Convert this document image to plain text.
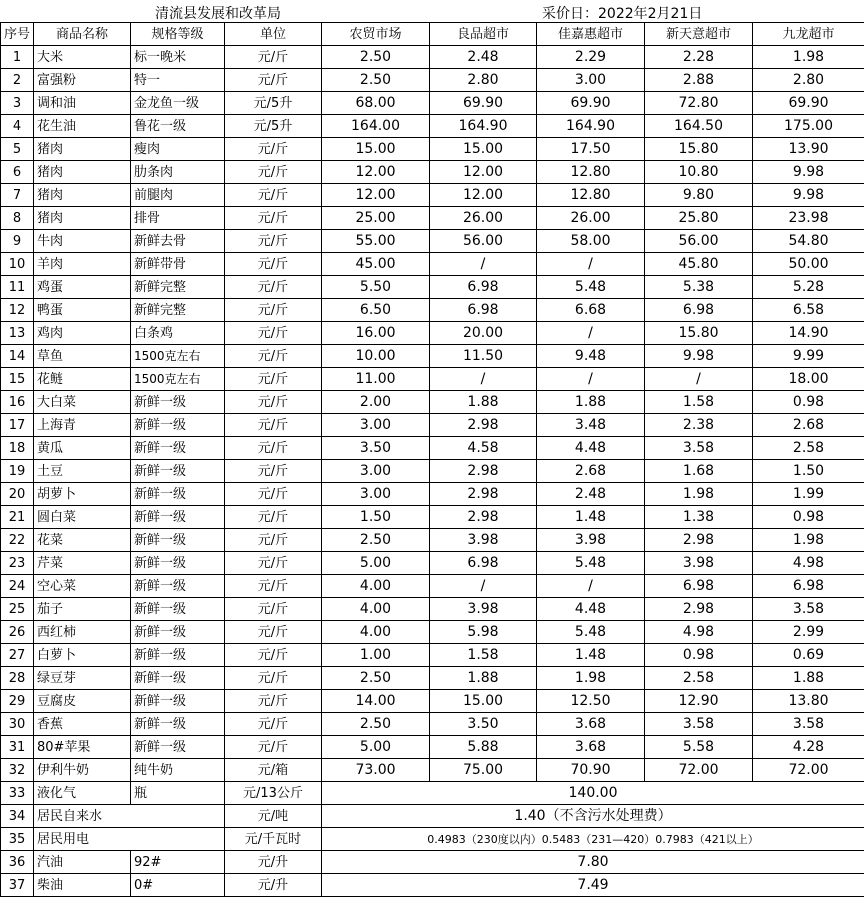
清流县发展和改革局	采价日：2022年2月21日
序号	商品名称	规格等级	单位	农贸市场	良品超市	佳嘉惠超市	新天意超市	九龙超市
1	大米	标一晚米	元/斤	2.50	2.48	2.29	2.28	1.98
2	富强粉	特一	元/斤	2.50	2.80	3.00	2.88	2.80
3	调和油	金龙鱼一级	元/5升	68.00	69.90	69.90	72.80	69.90
4	花生油	鲁花一级	元/5升	164.00	164.90	164.90	164.50	175.00
5	猪肉	瘦肉	元/斤	15.00	15.00	17.50	15.80	13.90
6	猪肉	肋条肉	元/斤	12.00	12.00	12.80	10.80	9.98
7	猪肉	前腿肉	元/斤	12.00	12.00	12.80	9.80	9.98
8	猪肉	排骨	元/斤	25.00	26.00	26.00	25.80	23.98
9	牛肉	新鲜去骨	元/斤	55.00	56.00	58.00	56.00	54.80
10	羊肉	新鲜带骨	元/斤	45.00	/	/	45.80	50.00
11	鸡蛋	新鲜完整	元/斤	5.50	6.98	5.48	5.38	5.28
12	鸭蛋	新鲜完整	元/斤	6.50	6.98	6.68	6.98	6.58
13	鸡肉	白条鸡	元/斤	16.00	20.00	/	15.80	14.90
14	草鱼	1500克左右	元/斤	10.00	11.50	9.48	9.98	9.99
15	花鲢	1500克左右	元/斤	11.00	/	/	/	18.00
16	大白菜	新鲜一级	元/斤	2.00	1.88	1.88	1.58	0.98
17	上海青	新鲜一级	元/斤	3.00	2.98	3.48	2.38	2.68
18	黄瓜	新鲜一级	元/斤	3.50	4.58	4.48	3.58	2.58
19	土豆	新鲜一级	元/斤	3.00	2.98	2.68	1.68	1.50
20	胡萝卜	新鲜一级	元/斤	3.00	2.98	2.48	1.98	1.99
21	圆白菜	新鲜一级	元/斤	1.50	2.98	1.48	1.38	0.98
22	花菜	新鲜一级	元/斤	2.50	3.98	3.98	2.98	1.98
23	芹菜	新鲜一级	元/斤	5.00	6.98	5.48	3.98	4.98
24	空心菜	新鲜一级	元/斤	4.00	/	/	6.98	6.98
25	茄子	新鲜一级	元/斤	4.00	3.98	4.48	2.98	3.58
26	西红柿	新鲜一级	元/斤	4.00	5.98	5.48	4.98	2.99
27	白萝卜	新鲜一级	元/斤	1.00	1.58	1.48	0.98	0.69
28	绿豆芽	新鲜一级	元/斤	2.50	1.88	1.98	2.58	1.88
29	豆腐皮	新鲜一级	元/斤	14.00	15.00	12.50	12.90	13.80
30	香蕉	新鲜一级	元/斤	2.50	3.50	3.68	3.58	3.58
31	80#苹果	新鲜一级	元/斤	5.00	5.88	3.68	5.58	4.28
32	伊利牛奶	纯牛奶	元/箱	73.00	75.00	70.90	72.00	72.00
33	液化气	瓶	元/13公斤	140.00				
34	居民自来水		元/吨	1.40（不含污水处理费）				
35	居民用电		元/千瓦时	0.4983（230度以内）0.5483（231—420）0.7983（421以上）				
36	汽油	92#	元/升	7.80				
37	柴油	0#	元/升	7.49				
